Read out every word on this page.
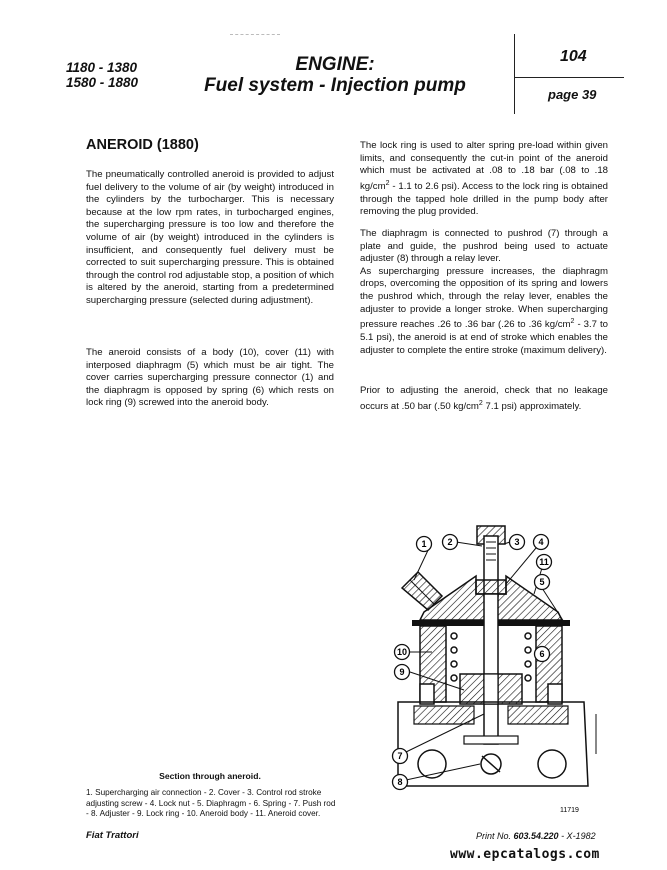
1180 - 1380
1580 - 1880
ENGINE:
Fuel system - Injection pump
104
page 39
ANEROID (1880)
The pneumatically controlled aneroid is provided to adjust fuel delivery to the volume of air (by weight) introduced in the cylinders by the turbocharger. This is necessary because at the low rpm rates, in turbocharged engines, the supercharging pressure is too low and therefore the volume of air (by weight) introduced in the cylinders is insufficient, and consequently fuel delivery must be corrected to suit supercharging pressure. This is obtained through the control rod adjustable stop, a position of which is altered by the aneroid, starting from a predetermined supercharging pressure (selected during adjustment).
The aneroid consists of a body (10), cover (11) with interposed diaphragm (5) which must be air tight. The cover carries supercharging pressure connector (1) and the diaphragm is opposed by spring (6) which rests on lock ring (9) screwed into the aneroid body.
The lock ring is used to alter spring pre-load within given limits, and consequently the cut-in point of the aneroid which must be activated at .08 to .18 bar (.08 to .18 $kg/cm^2 - 1.1$ to 2.6 psi). Access to the lock ring is obtained through the tapped hole drilled in the pump body after removing the plug provided.
The diaphragm is connected to pushrod (7) through a plate and guide, the pushrod being used to actuate adjuster (8) through a relay lever.
As supercharging pressure increases, the diaphragm drops, overcoming the opposition of its spring and lowers the pushrod which, through the relay lever, enables the adjuster to provide a longer stroke. When supercharging pressure reaches .26 to .36 bar (.26 to .36 $kg/cm^2 - 3.7$ to 5.1 psi), the aneroid is at end of stroke which enables the adjuster to complete the entire stroke (maximum delivery).
Prior to adjusting the aneroid, check that no leakage occurs at .50 bar (.50 $kg/cm^2$ 7.1 psi) approximately.
1 2	3 4
11
5
10	6
9
7
8
11719
Section through aneroid.
1. Supercharging air connection - 2. Cover - 3. Control rod stroke adjusting screw - 4. Lock nut - 5. Diaphragm - 6. Spring - 7. Push rod - 8. Adjuster - 9. Lock ring - 10. Aneroid body - 11. Aneroid cover.
Fiat Trattori	Print No. 603.54.220 - X-1982
www.epcatalogs.com
